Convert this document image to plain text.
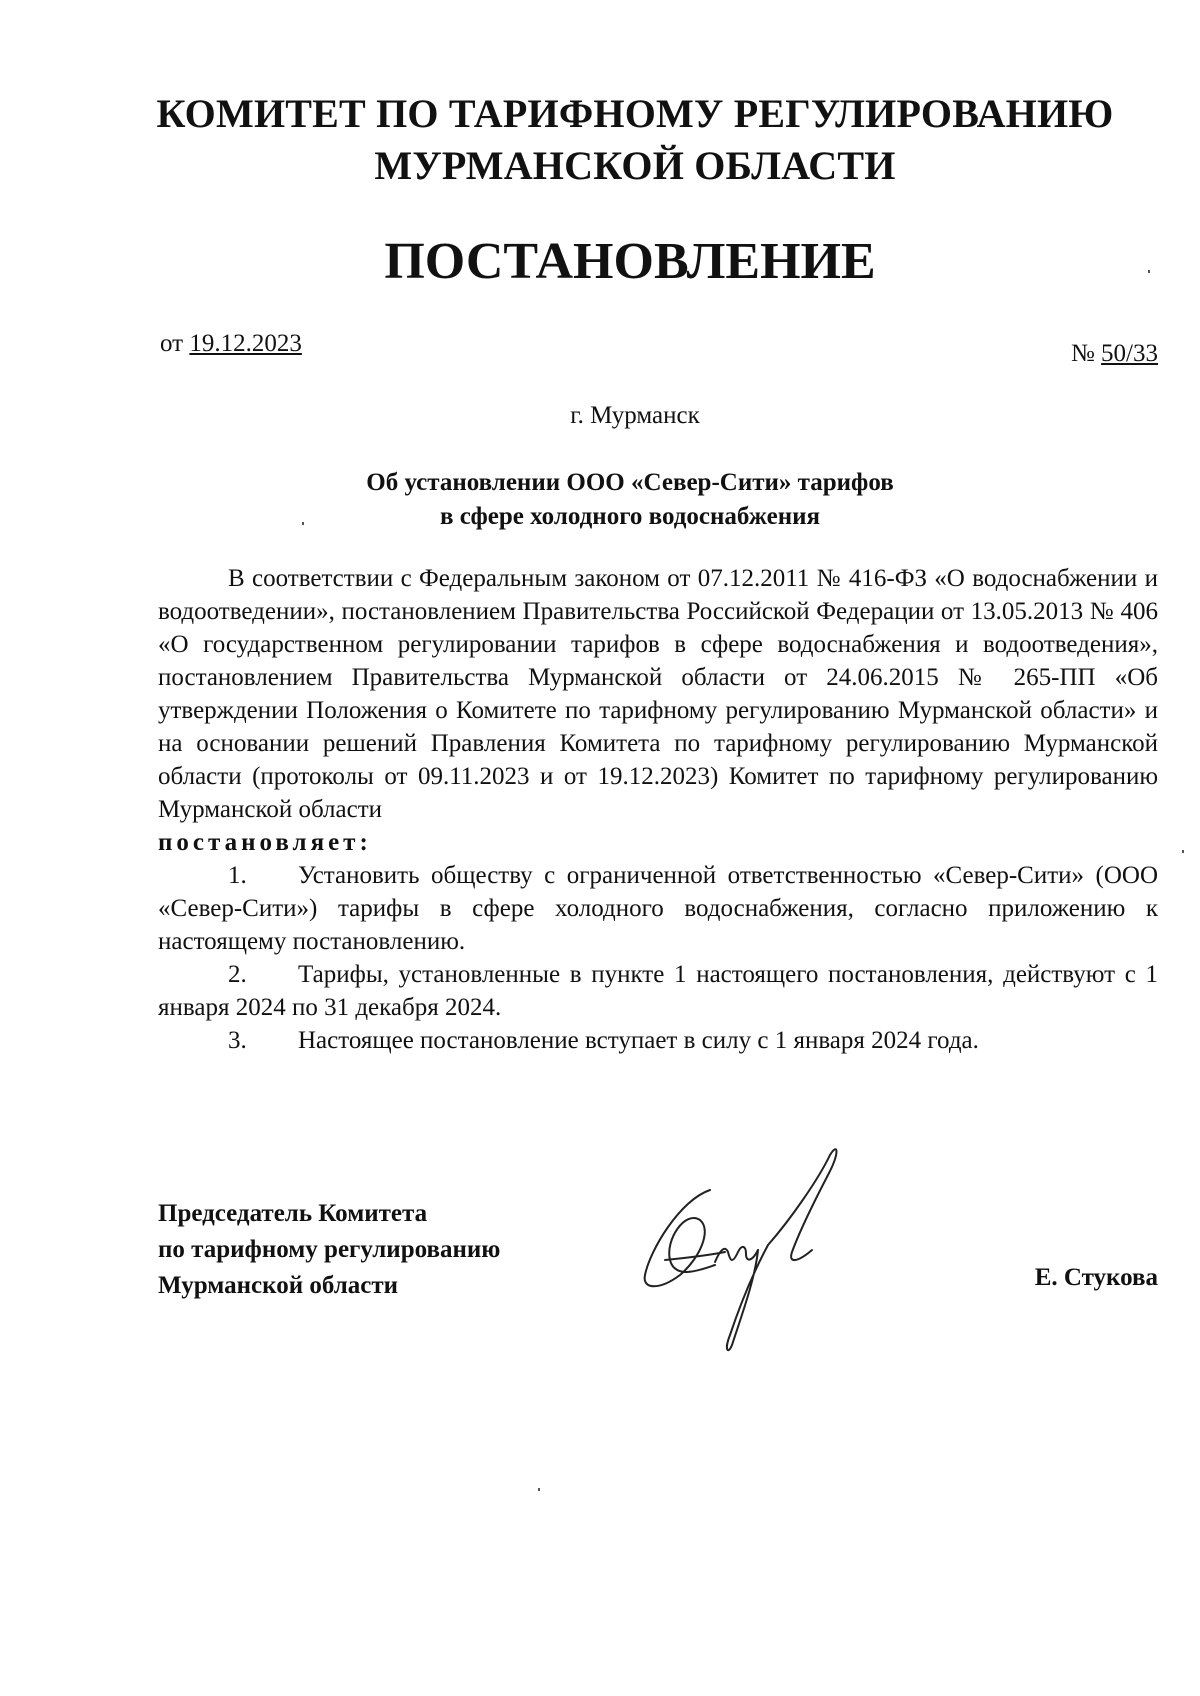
КОМИТЕТ ПО ТАРИФНОМУ РЕГУЛИРОВАНИЮ
МУРМАНСКОЙ ОБЛАСТИ
ПОСТАНОВЛЕНИЕ
от 19.12.2023	№ 50/33
г. Мурманск
Об установлении ООО «Север-Сити» тарифов
в сфере холодного водоснабжения

В соответствии с Федеральным законом от 07.12.2011 № 416-ФЗ «О водоснабжении и водоотведении», постановлением Правительства Российской Федерации от 13.05.2013 № 406 «О государственном регулировании тарифов в сфере водоснабжения и водоотведения», постановлением Правительства Мурманской области от 24.06.2015 № 265-ПП «Об утверждении Положения о Комитете по тарифному регулированию Мурманской области» и на основании решений Правления Комитета по тарифному регулированию Мурманской области (протоколы от 09.11.2023 и от 19.12.2023) Комитет по тарифному регулированию Мурманской области

постановляет:

1. Установить обществу с ограниченной ответственностью «Север-Сити» (ООО «Север-Сити») тарифы в сфере холодного водоснабжения, согласно приложению к настоящему постановлению.

2. Тарифы, установленные в пункте 1 настоящего постановления, действуют с 1 января 2024 по 31 декабря 2024.

3. Настоящее постановление вступает в силу с 1 января 2024 года.

Председатель Комитета
по тарифному регулированию
Мурманской области	Е. Стукова
